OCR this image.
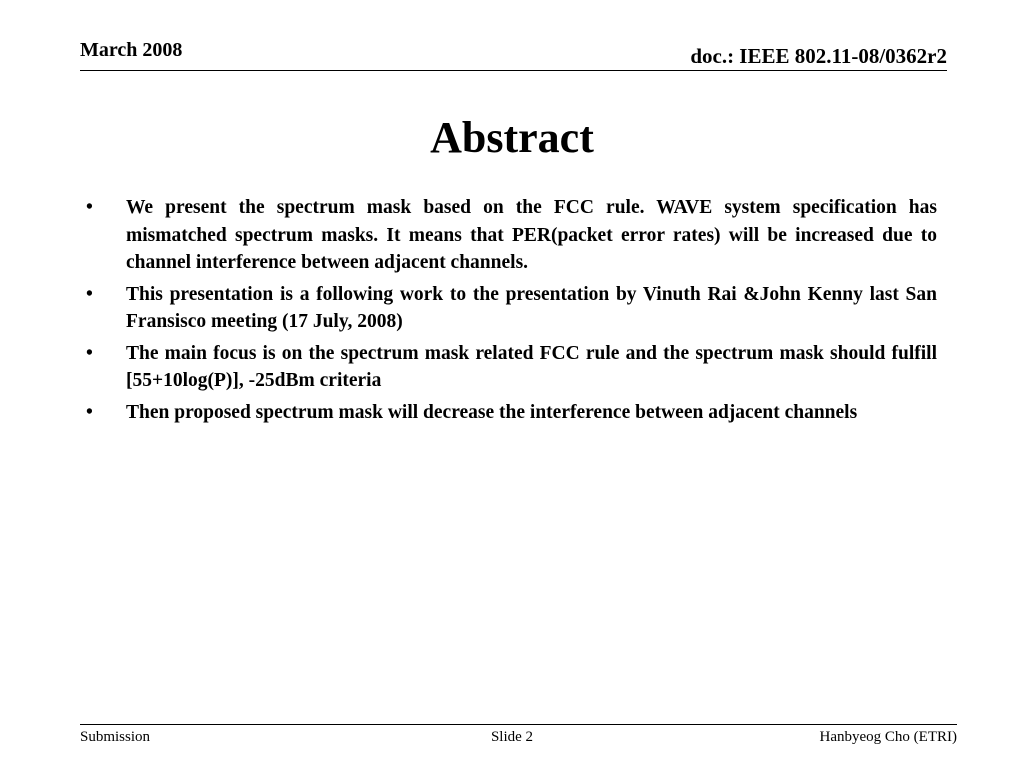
March 2008	doc.: IEEE 802.11-08/0362r2
Abstract
• We present the spectrum mask based on the FCC rule. WAVE system specification has mismatched spectrum masks. It means that PER(packet error rates) will be increased due to channel interference between adjacent channels.
• This presentation is a following work to the presentation by Vinuth Rai &John Kenny last San Fransisco meeting (17 July, 2008)
• The main focus is on the spectrum mask related FCC rule and the spectrum mask should fulfill [55+10log(P)], -25dBm criteria
• Then proposed spectrum mask will decrease the interference between adjacent channels
Submission	Slide 2	Hanbyeog Cho (ETRI)
